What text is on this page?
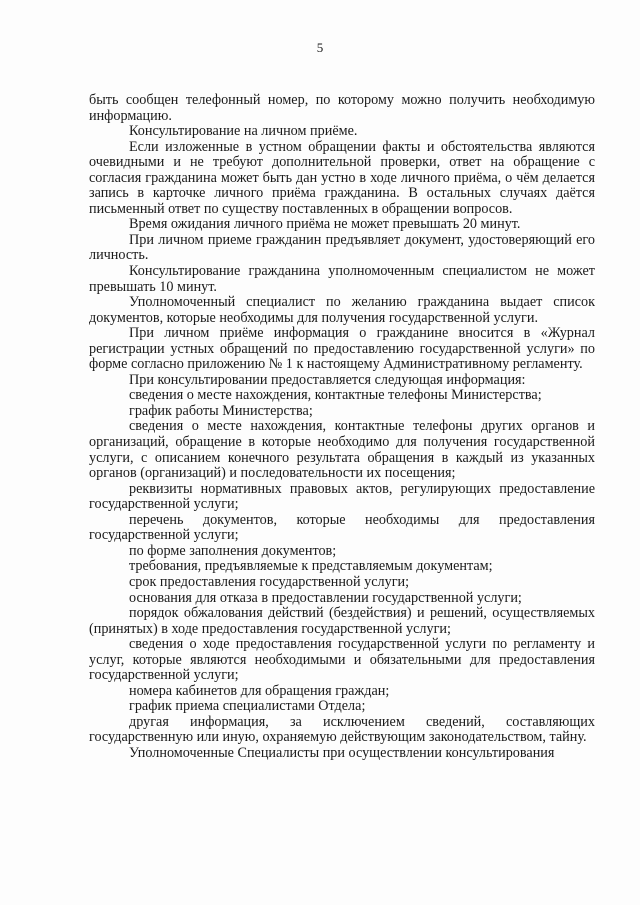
5

быть сообщен телефонный номер, по которому можно получить необходимую информацию.

Консультирование на личном приёме.

Если изложенные в устном обращении факты и обстоятельства являются очевидными и не требуют дополнительной проверки, ответ на обращение с согласия гражданина может быть дан устно в ходе личного приёма, о чём делается запись в карточке личного приёма гражданина. В остальных случаях даётся письменный ответ по существу поставленных в обращении вопросов.

Время ожидания личного приёма не может превышать 20 минут.

При личном приеме гражданин предъявляет документ, удостоверяющий его личность.

Консультирование гражданина уполномоченным специалистом не может превышать 10 минут.

Уполномоченный специалист по желанию гражданина выдает список документов, которые необходимы для получения государственной услуги.

При личном приёме информация о гражданине вносится в «Журнал регистрации устных обращений по предоставлению государственной услуги» по форме согласно приложению № 1 к настоящему Административному регламенту.

При консультировании предоставляется следующая информация:

сведения о месте нахождения, контактные телефоны Министерства;

график работы Министерства;

сведения о месте нахождения, контактные телефоны других органов и организаций, обращение в которые необходимо для получения государственной услуги, с описанием конечного результата обращения в каждый из указанных органов (организаций) и последовательности их посещения;

реквизиты нормативных правовых актов, регулирующих предоставление государственной услуги;

перечень документов, которые необходимы для предоставления государственной услуги;

по форме заполнения документов;

требования, предъявляемые к представляемым документам;

срок предоставления государственной услуги;

основания для отказа в предоставлении государственной услуги;

порядок обжалования действий (бездействия) и решений, осуществляемых (принятых) в ходе предоставления государственной услуги;

сведения о ходе предоставления государственной услуги по регламенту и услуг, которые являются необходимыми и обязательными для предоставления государственной услуги;

номера кабинетов для обращения граждан;

график приема специалистами Отдела;

другая информация, за исключением сведений, составляющих государственную или иную, охраняемую действующим законодательством, тайну.

Уполномоченные Специалисты при осуществлении консультирования
